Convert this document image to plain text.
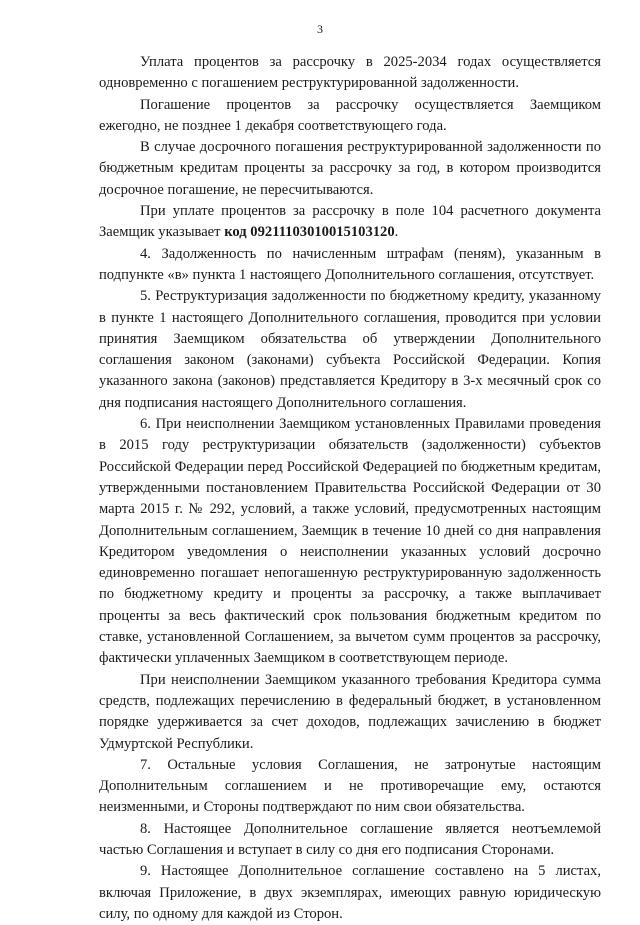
3

Уплата процентов за рассрочку в 2025-2034 годах осуществляется одновременно с погашением реструктурированной задолженности.

Погашение процентов за рассрочку осуществляется Заемщиком ежегодно, не позднее 1 декабря соответствующего года.

В случае досрочного погашения реструктурированной задолженности по бюджетным кредитам проценты за рассрочку за год, в котором производится досрочное погашение, не пересчитываются.

При уплате процентов за рассрочку в поле 104 расчетного документа Заемщик указывает код 09211103010015103120.

4. Задолженность по начисленным штрафам (пеням), указанным в подпункте «в» пункта 1 настоящего Дополнительного соглашения, отсутствует.

5. Реструктуризация задолженности по бюджетному кредиту, указанному в пункте 1 настоящего Дополнительного соглашения, проводится при условии принятия Заемщиком обязательства об утверждении Дополнительного соглашения законом (законами) субъекта Российской Федерации. Копия указанного закона (законов) представляется Кредитору в 3-х месячный срок со дня подписания настоящего Дополнительного соглашения.

6. При неисполнении Заемщиком установленных Правилами проведения в 2015 году реструктуризации обязательств (задолженности) субъектов Российской Федерации перед Российской Федерацией по бюджетным кредитам, утвержденными постановлением Правительства Российской Федерации от 30 марта 2015 г. № 292, условий, а также условий, предусмотренных настоящим Дополнительным соглашением, Заемщик в течение 10 дней со дня направления Кредитором уведомления о неисполнении указанных условий досрочно единовременно погашает непогашенную реструктурированную задолженность по бюджетному кредиту и проценты за рассрочку, а также выплачивает проценты за весь фактический срок пользования бюджетным кредитом по ставке, установленной Соглашением, за вычетом сумм процентов за рассрочку, фактически уплаченных Заемщиком в соответствующем периоде.

При неисполнении Заемщиком указанного требования Кредитора сумма средств, подлежащих перечислению в федеральный бюджет, в установленном порядке удерживается за счет доходов, подлежащих зачислению в бюджет Удмуртской Республики.

7. Остальные условия Соглашения, не затронутые настоящим Дополнительным соглашением и не противоречащие ему, остаются неизменными, и Стороны подтверждают по ним свои обязательства.

8. Настоящее Дополнительное соглашение является неотъемлемой частью Соглашения и вступает в силу со дня его подписания Сторонами.

9. Настоящее Дополнительное соглашение составлено на 5 листах, включая Приложение, в двух экземплярах, имеющих равную юридическую силу, по одному для каждой из Сторон.
